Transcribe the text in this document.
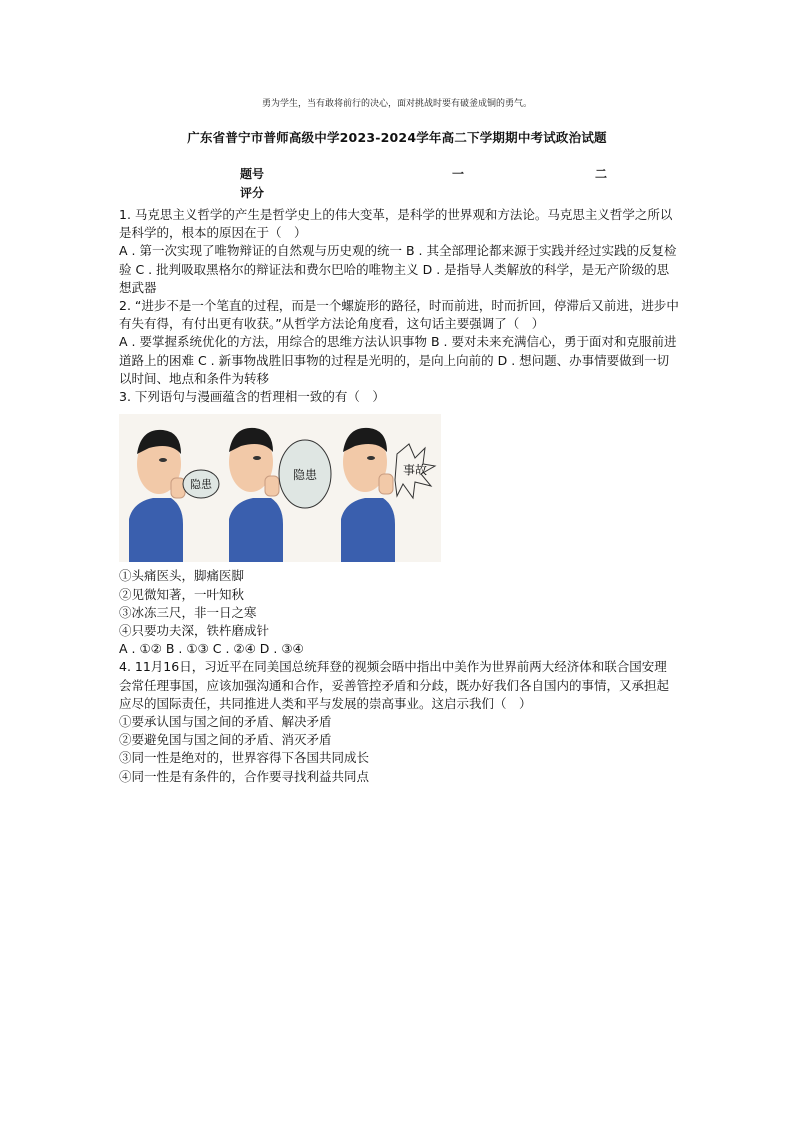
勇为学生，当有敢将前行的决心，面对挑战时要有破釜成铜的勇气。
广东省普宁市普师高级中学2023-2024学年高二下学期期中考试政治试题
题号	一	二
评分

1. 马克思主义哲学的产生是哲学史上的伟大变革，是科学的世界观和方法论。马克思主义哲学之所以是科学的，根本的原因在于（　）

A . 第一次实现了唯物辩证的自然观与历史观的统一 B . 其全部理论都来源于实践并经过实践的反复检验 C . 批判吸取黑格尔的辩证法和费尔巴哈的唯物主义 D . 是指导人类解放的科学，是无产阶级的思想武器

2. “进步不是一个笔直的过程，而是一个螺旋形的路径，时而前进，时而折回，停滞后又前进，进步中有失有得，有付出更有收获。”从哲学方法论角度看，这句话主要强调了（　）

A . 要掌握系统优化的方法，用综合的思维方法认识事物 B . 要对未来充满信心，勇于面对和克服前进道路上的困难 C . 新事物战胜旧事物的过程是光明的，是向上向前的 D . 想问题、办事情要做到一切以时间、地点和条件为转移

3. 下列语句与漫画蕴含的哲理相一致的有（　）

隐患
隐患	事故

①头痛医头，脚痛医脚

②见微知著，一叶知秋

③冰冻三尺，非一日之寒

④只要功夫深，铁杵磨成针

A . ①② B . ①③ C . ②④ D . ③④

4. 11月16日，习近平在同美国总统拜登的视频会晤中指出中美作为世界前两大经济体和联合国安理会常任理事国，应该加强沟通和合作，妥善管控矛盾和分歧，既办好我们各自国内的事情，又承担起应尽的国际责任，共同推进人类和平与发展的崇高事业。这启示我们（　）

①要承认国与国之间的矛盾、解决矛盾

②要避免国与国之间的矛盾、消灭矛盾

③同一性是绝对的，世界容得下各国共同成长

④同一性是有条件的，合作要寻找利益共同点
